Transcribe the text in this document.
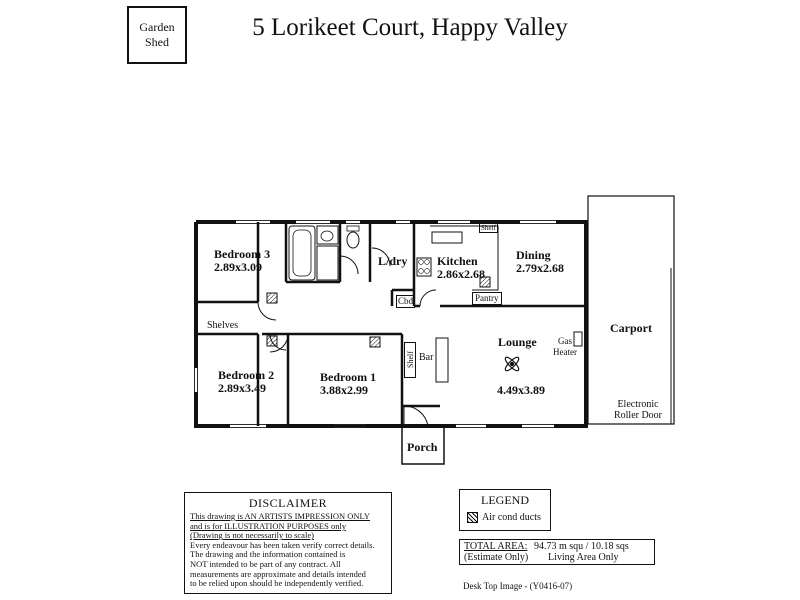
5 Lorikeet Court, Happy Valley
Garden
Shed
Bedroom 3
2.89x3.09	L/dry	Kitchen
2.86x2.68
Dining
2.79x2.68
Bedroom 2
2.89x3.49
Bedroom 1
3.88x2.99
Lounge
4.49x3.89
Carport
Porch
Shelves
Cbd	Pantry
Shelf
Shelf Bar
Gas
Heater
Electronic
Roller Door
DISCLAIMER
This drawing is AN ARTISTS IMPRESSION ONLY
and is for ILLUSTRATION PURPOSES only
(Drawing is not necessarily to scale)
Every endeavour has been taken verify correct details.
The drawing and the information contained is
NOT intended to be part of any contract. All
measurements are approximate and details intended
to be relied upon should be independently verified.
LEGEND
Air cond ducts
TOTAL AREA:
(Estimate Only)
94.73 m squ / 10.18 sqs
Living Area Only
Desk Top Image - (Y0416-07)
